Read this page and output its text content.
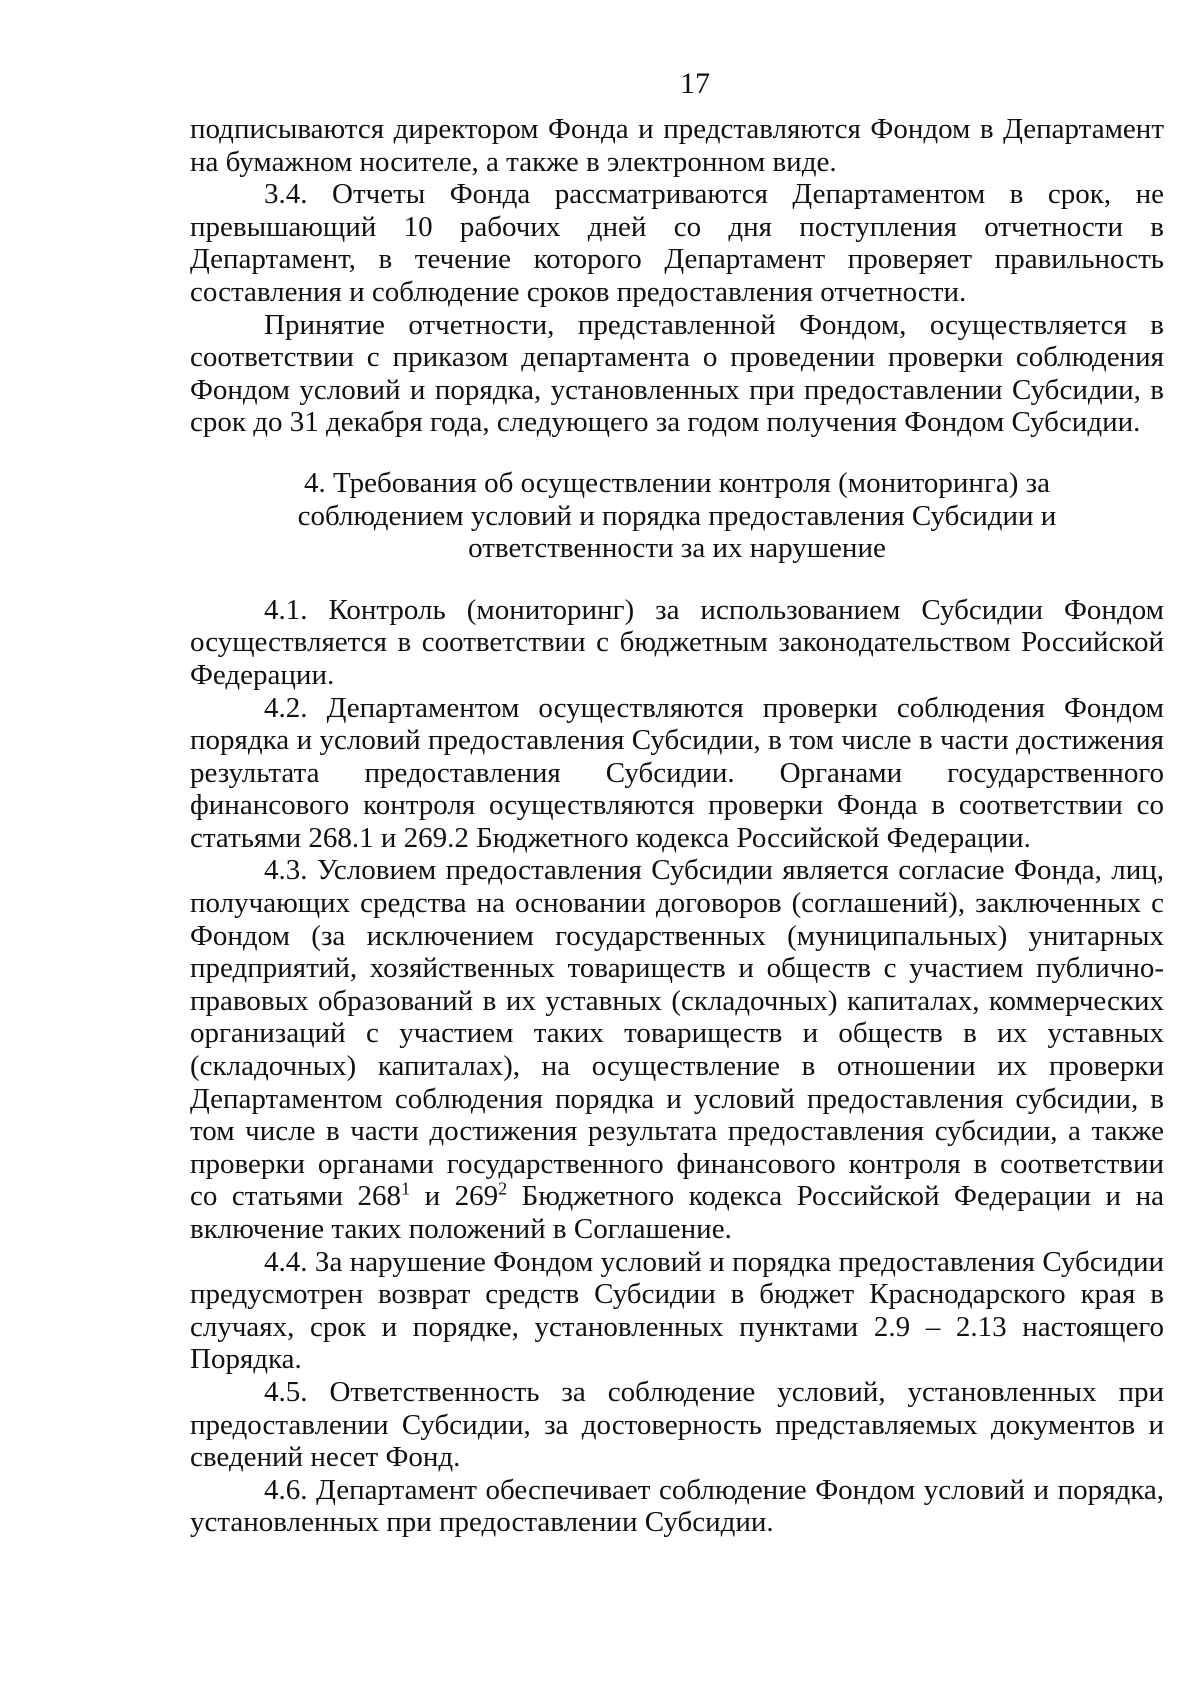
17

подписываются директором Фонда и представляются Фондом в Департамент на бумажном носителе, а также в электронном виде.

3.4. Отчеты Фонда рассматриваются Департаментом в срок, не превышающий 10 рабочих дней со дня поступления отчетности в Департамент, в течение которого Департамент проверяет правильность составления и соблюдение сроков предоставления отчетности.

Принятие отчетности, представленной Фондом, осуществляется в соответствии с приказом департамента о проведении проверки соблюдения Фондом условий и порядка, установленных при предоставлении Субсидии, в срок до 31 декабря года, следующего за годом получения Фондом Субсидии.

4. Требования об осуществлении контроля (мониторинга) за
соблюдением условий и порядка предоставления Субсидии и
ответственности за их нарушение

4.1. Контроль (мониторинг) за использованием Субсидии Фондом осуществляется в соответствии с бюджетным законодательством Российской Федерации.

4.2. Департаментом осуществляются проверки соблюдения Фондом порядка и условий предоставления Субсидии, в том числе в части достижения результата предоставления Субсидии. Органами государственного финансового контроля осуществляются проверки Фонда в соответствии со статьями 268.1 и 269.2 Бюджетного кодекса Российской Федерации.

4.3. Условием предоставления Субсидии является согласие Фонда, лиц, получающих средства на основании договоров (соглашений), заключенных с Фондом (за исключением государственных (муниципальных) унитарных предприятий, хозяйственных товариществ и обществ с участием публично-правовых образований в их уставных (складочных) капиталах, коммерческих организаций с участием таких товариществ и обществ в их уставных (складочных) капиталах), на осуществление в отношении их проверки Департаментом соблюдения порядка и условий предоставления субсидии, в том числе в части достижения результата предоставления субсидии, а также проверки органами государственного финансового контроля в соответствии со статьями $268^1$ и $269^2$ Бюджетного кодекса Российской Федерации и на включение таких положений в Соглашение.

4.4. За нарушение Фондом условий и порядка предоставления Субсидии предусмотрен возврат средств Субсидии в бюджет Краснодарского края в случаях, срок и порядке, установленных пунктами 2.9 – 2.13 настоящего Порядка.

4.5. Ответственность за соблюдение условий, установленных при предоставлении Субсидии, за достоверность представляемых документов и сведений несет Фонд.

4.6. Департамент обеспечивает соблюдение Фондом условий и порядка, установленных при предоставлении Субсидии.
